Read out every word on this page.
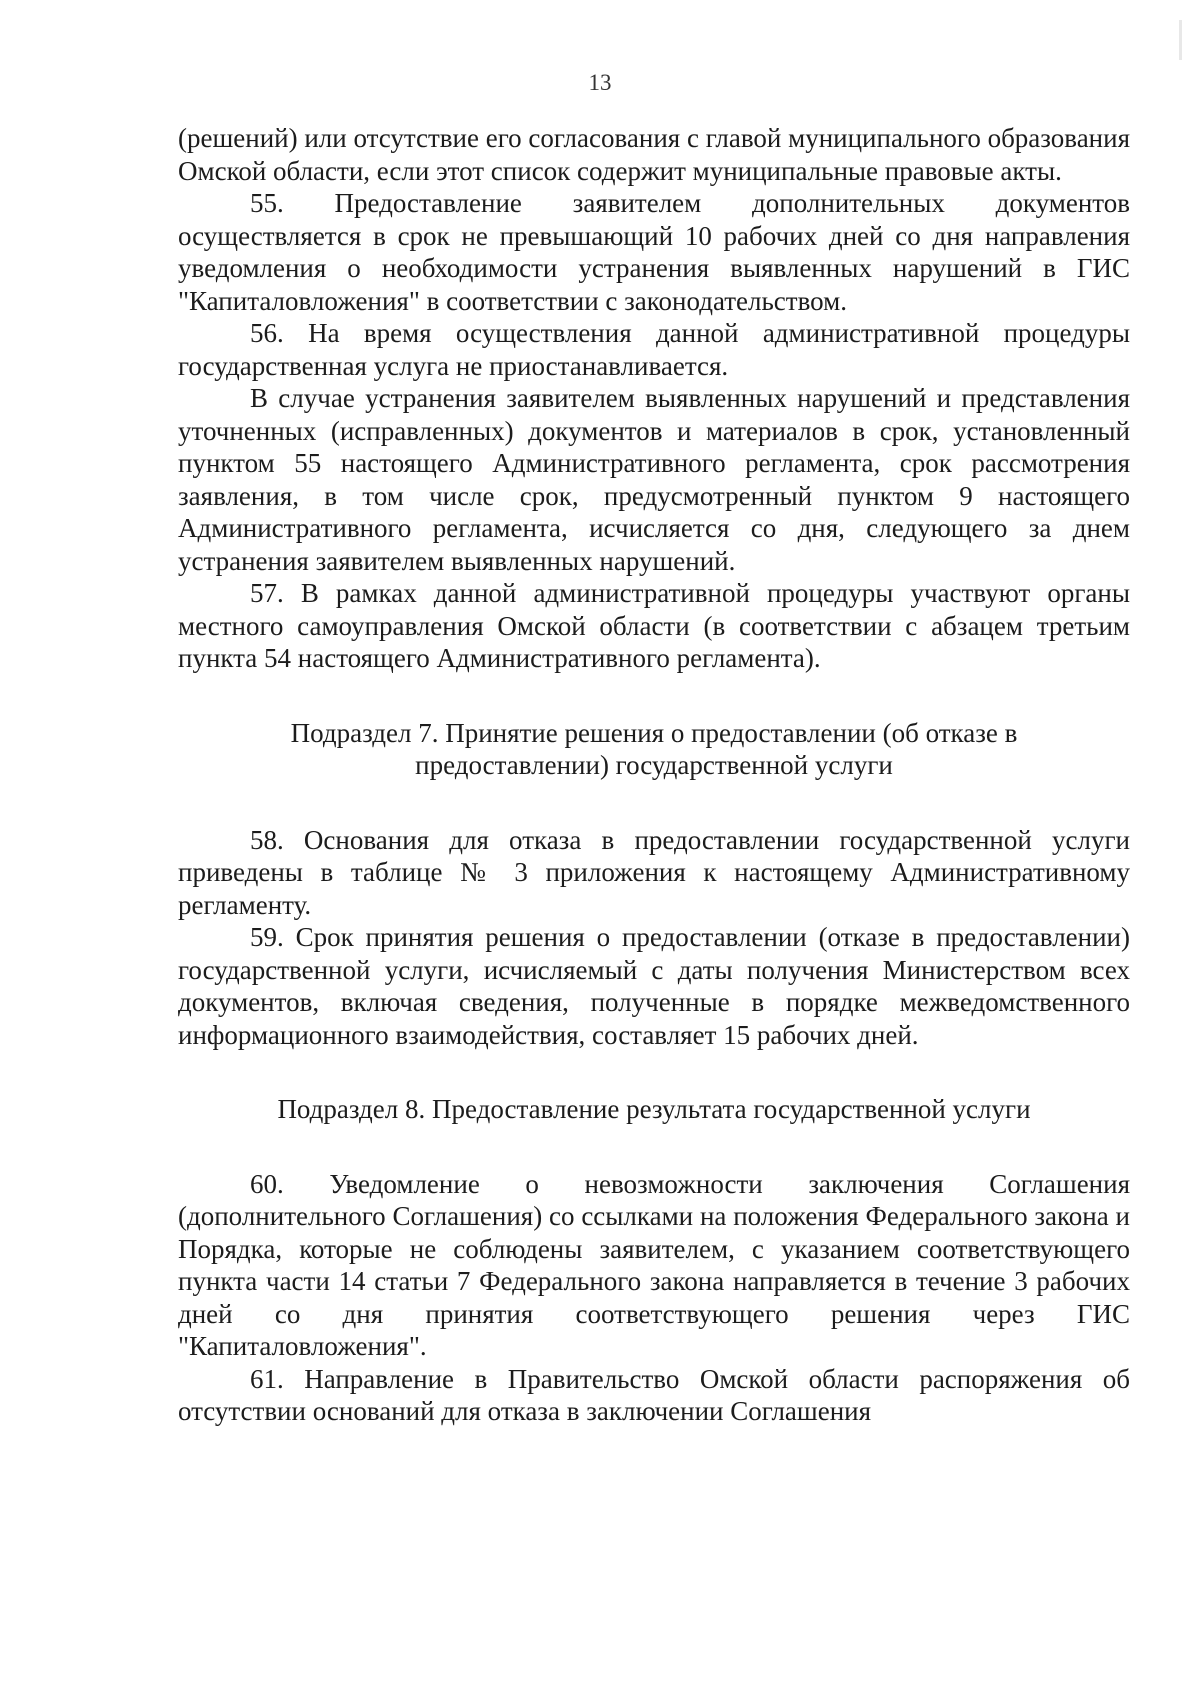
13

(решений) или отсутствие его согласования с главой муниципального образования Омской области, если этот список содержит муниципальные правовые акты.

55. Предоставление заявителем дополнительных документов осуществляется в срок не превышающий 10 рабочих дней со дня направления уведомления о необходимости устранения выявленных нарушений в ГИС "Капиталовложения" в соответствии с законодательством.

56. На время осуществления данной административной процедуры государственная услуга не приостанавливается.

В случае устранения заявителем выявленных нарушений и представления уточненных (исправленных) документов и материалов в срок, установленный пунктом 55 настоящего Административного регламента, срок рассмотрения заявления, в том числе срок, предусмотренный пунктом 9 настоящего Административного регламента, исчисляется со дня, следующего за днем устранения заявителем выявленных нарушений.

57. В рамках данной административной процедуры участвуют органы местного самоуправления Омской области (в соответствии с абзацем третьим пункта 54 настоящего Административного регламента).

Подраздел 7. Принятие решения о предоставлении (об отказе в предоставлении) государственной услуги

58. Основания для отказа в предоставлении государственной услуги приведены в таблице № 3 приложения к настоящему Административному регламенту.

59. Срок принятия решения о предоставлении (отказе в предоставлении) государственной услуги, исчисляемый с даты получения Министерством всех документов, включая сведения, полученные в порядке межведомственного информационного взаимодействия, составляет 15 рабочих дней.

Подраздел 8. Предоставление результата государственной услуги

60. Уведомление о невозможности заключения Соглашения (дополнительного Соглашения) со ссылками на положения Федерального закона и Порядка, которые не соблюдены заявителем, с указанием соответствующего пункта части 14 статьи 7 Федерального закона направляется в течение 3 рабочих дней со дня принятия соответствующего решения через ГИС "Капиталовложения".

61. Направление в Правительство Омской области распоряжения об отсутствии оснований для отказа в заключении Соглашения
